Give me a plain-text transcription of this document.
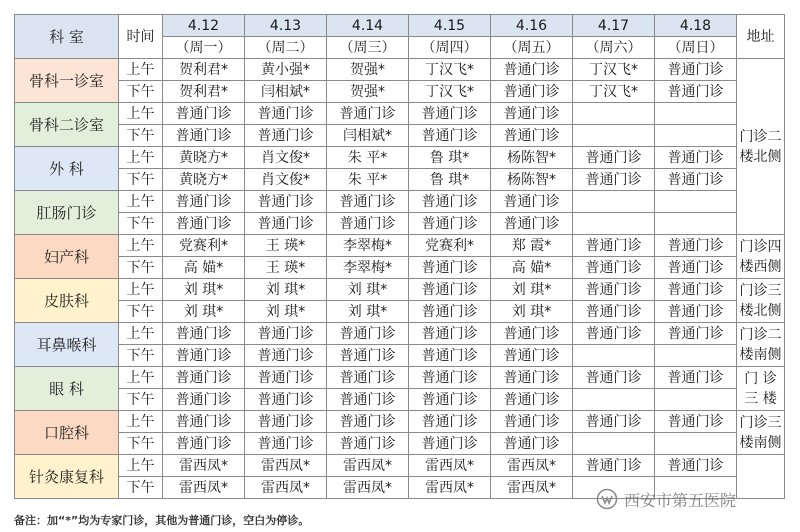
科 室	时间	4.12	4.13	4.14	4.15	4.16	4.17	4.18	地址
		（周一）	（周二）	（周三）	（周四）	（周五）	（周六）	（周日）	
骨科一诊室	上午	贺利君*	黄小强*	贺强*	丁汉飞*	普通门诊	丁汉飞*	普通门诊	门诊二
楼北侧

	下午	贺利君*	闫相斌*	贺强*	丁汉飞*	普通门诊	丁汉飞*	普通门诊	
骨科二诊室	上午	普通门诊	普通门诊	普通门诊	普通门诊	普通门诊			
	下午	普通门诊	普通门诊	闫相斌*	普通门诊	普通门诊			
外 科	上午	黄晓方*	肖文俊*	朱 平*	鲁 琪*	杨陈智*	普通门诊	普通门诊	
	下午	黄晓方*	肖文俊*	朱 平*	鲁 琪*	杨陈智*	普通门诊	普通门诊	
肛肠门诊	上午	普通门诊	普通门诊	普通门诊	普通门诊	普通门诊			
	下午	普通门诊	普通门诊	普通门诊	普通门诊	普通门诊			
妇产科	上午	党赛利*	王 瑛*	李翠梅*	党赛利*	郑 霞*	普通门诊	普通门诊	门诊四
楼西侧

	下午	高 媌*	王 瑛*	李翠梅*	普通门诊	高 媌*	普通门诊	普通门诊	
皮肤科	上午	刘 琪*	刘 琪*	刘 琪*	普通门诊	刘 琪*	普通门诊	普通门诊	门诊三
楼北侧

	下午	刘 琪*	刘 琪*	刘 琪*	普通门诊	刘 琪*	普通门诊	普通门诊	
耳鼻喉科	上午	普通门诊	普通门诊	普通门诊	普通门诊	普通门诊	普通门诊	普通门诊	门诊二
楼南侧

	下午	普通门诊	普通门诊	普通门诊	普通门诊	普通门诊			
眼 科	上午	普通门诊	普通门诊	普通门诊	普通门诊	普通门诊	普通门诊	普通门诊	门 诊
三 楼

	下午	普通门诊	普通门诊	普通门诊	普通门诊	普通门诊			
口腔科	上午	普通门诊	普通门诊	普通门诊	普通门诊	普通门诊	普通门诊	普通门诊	门诊三
楼南侧

	下午	普通门诊	普通门诊	普通门诊	普通门诊	普通门诊			
针灸康复科	上午	雷西凤*	雷西凤*	雷西凤*	雷西凤*	雷西凤*	普通门诊	普通门诊	
	下午	雷西凤*	雷西凤*	雷西凤*	雷西凤*	雷西凤*			
备注：加“*”均为专家门诊，其他为普通门诊，空白为停诊。
西安市第五医院
